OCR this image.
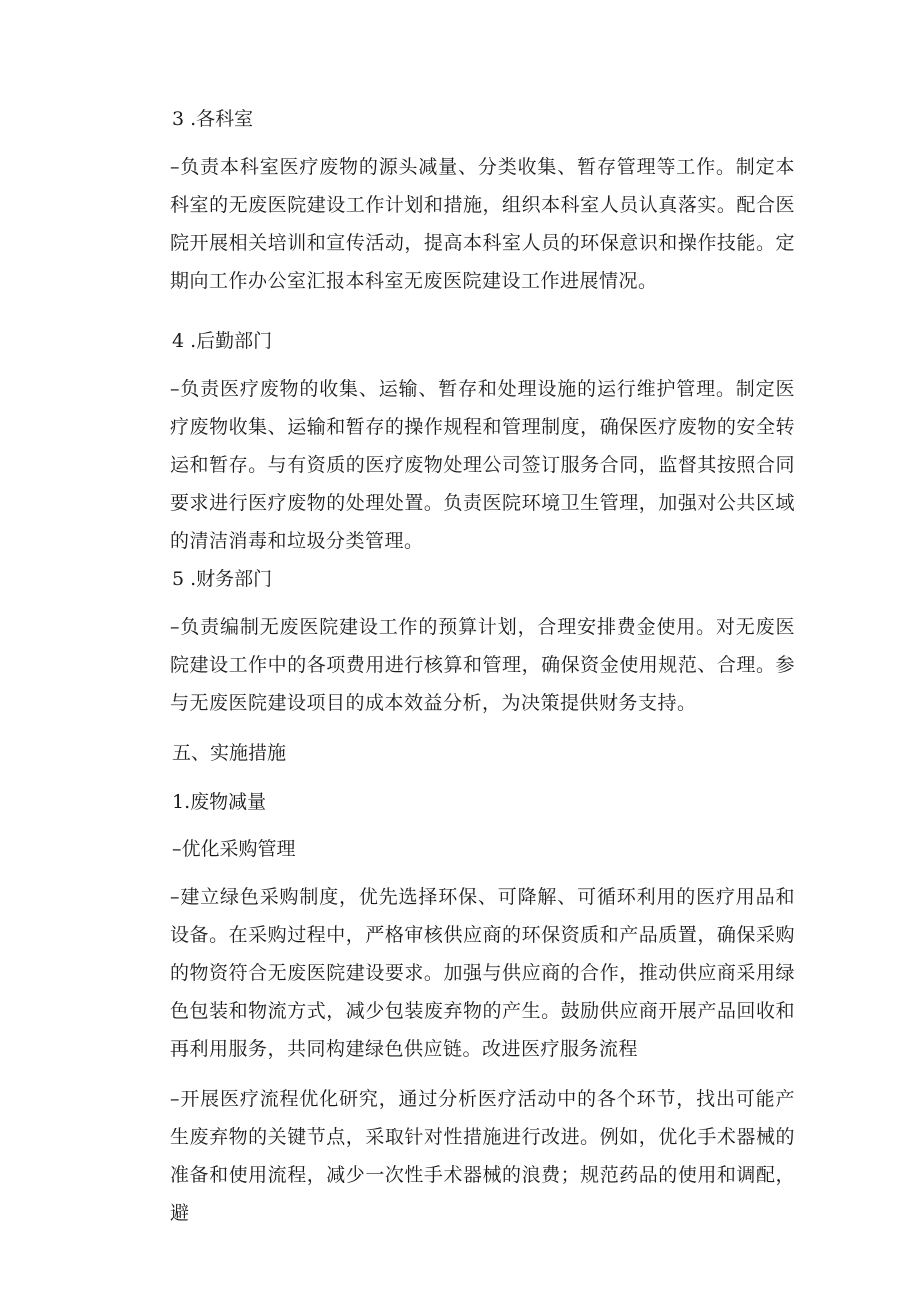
3 .各科室
–负责本科室医疗废物的源头减量、分类收集、暂存管理等工作。制定本科室的无废医院建设工作计划和措施，组织本科室人员认真落实。配合医院开展相关培训和宣传活动，提高本科室人员的环保意识和操作技能。定期向工作办公室汇报本科室无废医院建设工作进展情况。
4 .后勤部门
–负责医疗废物的收集、运输、暂存和处理设施的运行维护管理。制定医疗废物收集、运输和暂存的操作规程和管理制度，确保医疗废物的安全转运和暂存。与有资质的医疗废物处理公司签订服务合同，监督其按照合同要求进行医疗废物的处理处置。负责医院环境卫生管理，加强对公共区域的清洁消毒和垃圾分类管理。
5 .财务部门
–负责编制无废医院建设工作的预算计划，合理安排费金使用。对无废医院建设工作中的各项费用进行核算和管理，确保资金使用规范、合理。参与无废医院建设项目的成本效益分析，为决策提供财务支持。
五、实施措施
1.废物减量
–优化采购管理
–建立绿色采购制度，优先选择环保、可降解、可循环利用的医疗用品和设备。在采购过程中，严格审核供应商的环保资质和产品质置，确保采购的物资符合无废医院建设要求。加强与供应商的合作，推动供应商采用绿色包装和物流方式，减少包装废弃物的产生。鼓励供应商开展产品回收和再利用服务，共同构建绿色供应链。改进医疗服务流程
–开展医疗流程优化研究，通过分析医疗活动中的各个环节，找出可能产生废弃物的关键节点，采取针对性措施进行改进。例如，优化手术器械的准备和使用流程，减少一次性手术器械的浪费；规范药品的使用和调配，避
